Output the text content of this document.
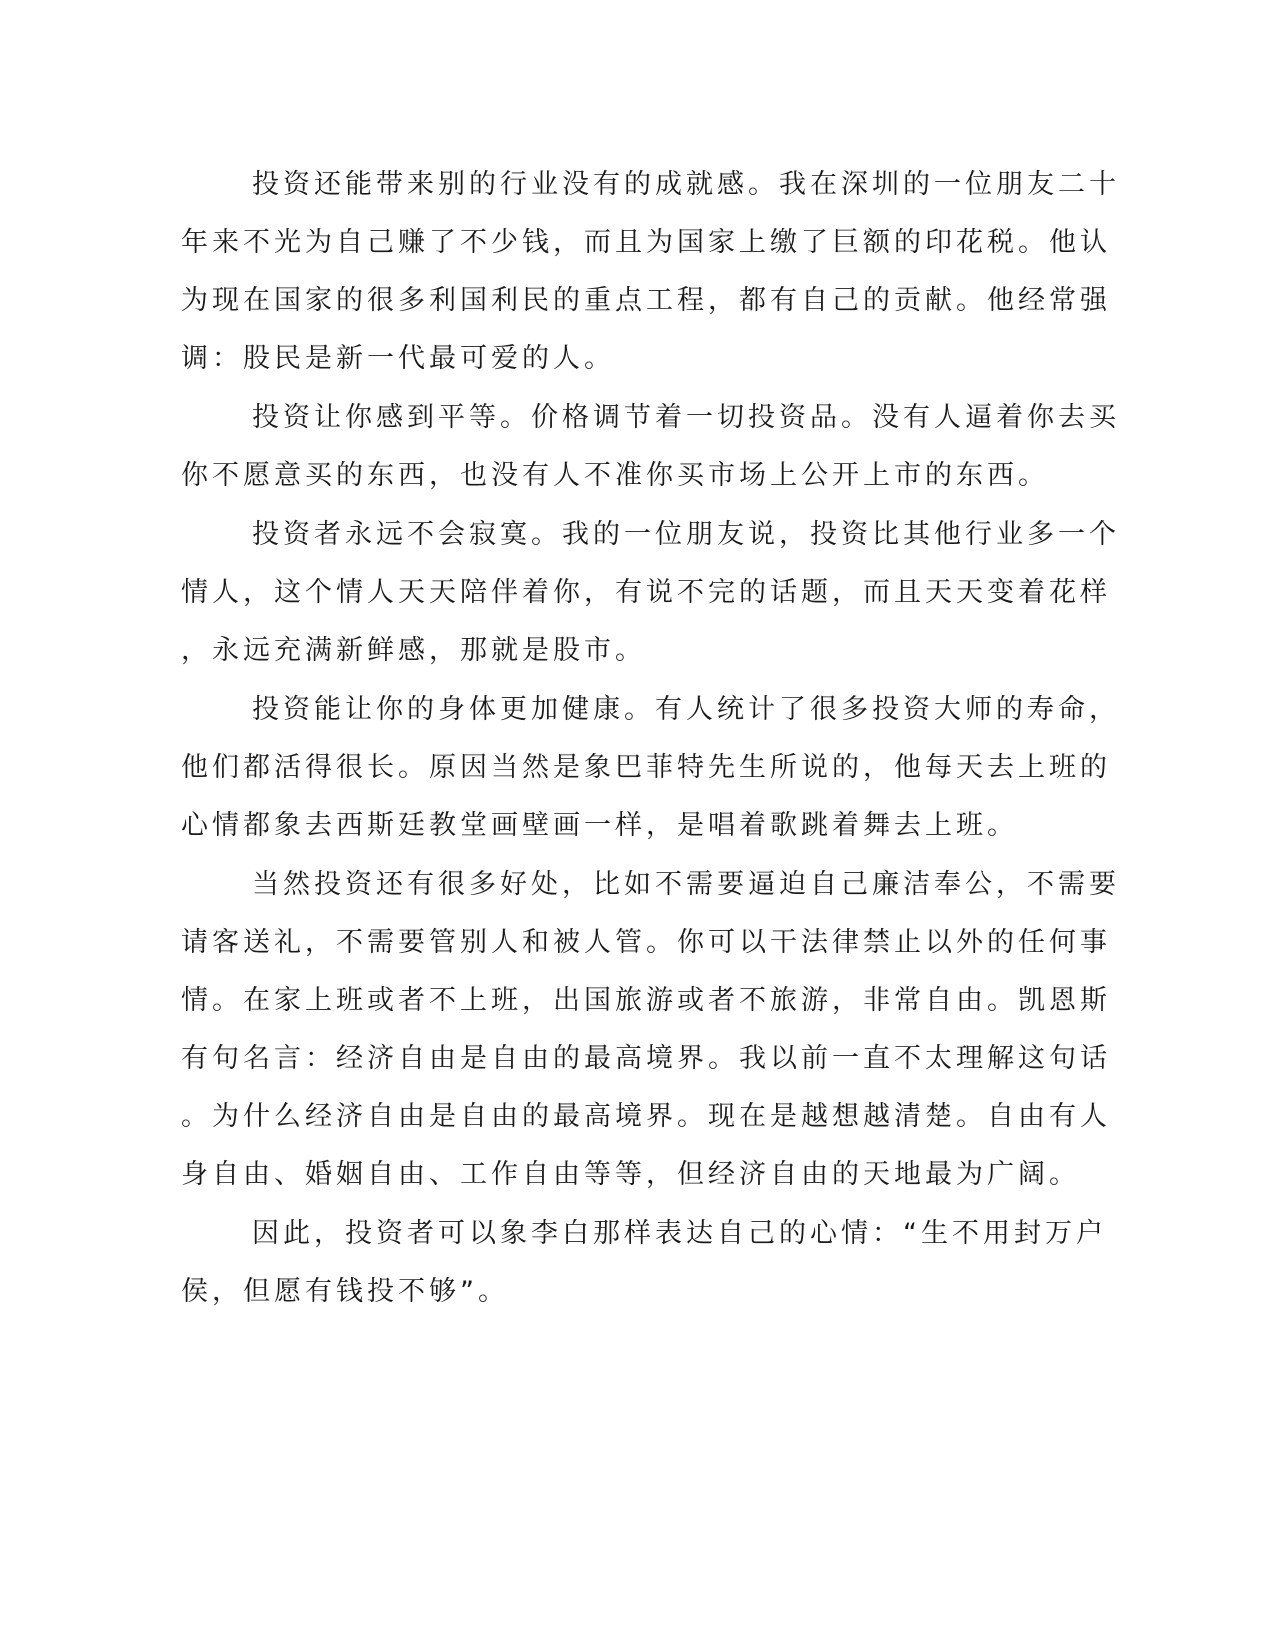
投资还能带来别的行业没有的成就感。我在深圳的一位朋友二十
年来不光为自己赚了不少钱，而且为国家上缴了巨额的印花税。他认
为现在国家的很多利国利民的重点工程，都有自己的贡献。他经常强
调：股民是新一代最可爱的人。
投资让你感到平等。价格调节着一切投资品。没有人逼着你去买
你不愿意买的东西，也没有人不准你买市场上公开上市的东西。
投资者永远不会寂寞。我的一位朋友说，投资比其他行业多一个
情人，这个情人天天陪伴着你，有说不完的话题，而且天天变着花样
，永远充满新鲜感，那就是股市。
投资能让你的身体更加健康。有人统计了很多投资大师的寿命，
他们都活得很长。原因当然是象巴菲特先生所说的，他每天去上班的
心情都象去西斯廷教堂画壁画一样，是唱着歌跳着舞去上班。
当然投资还有很多好处，比如不需要逼迫自己廉洁奉公，不需要
请客送礼，不需要管别人和被人管。你可以干法律禁止以外的任何事
情。在家上班或者不上班，出国旅游或者不旅游，非常自由。凯恩斯
有句名言：经济自由是自由的最高境界。我以前一直不太理解这句话
。为什么经济自由是自由的最高境界。现在是越想越清楚。自由有人
身自由、婚姻自由、工作自由等等，但经济自由的天地最为广阔。
因此，投资者可以象李白那样表达自己的心情：“生不用封万户
侯，但愿有钱投不够”。
